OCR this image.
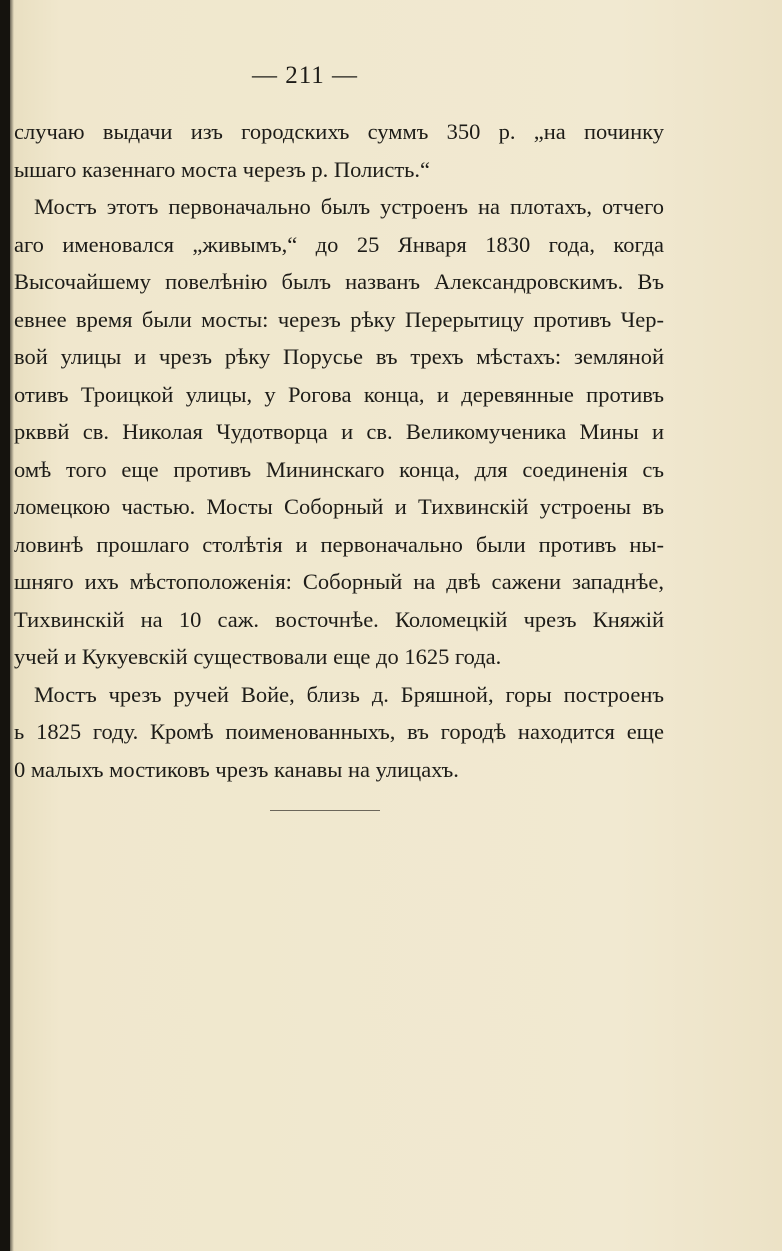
— 211 —
случаю выдачи изъ городскихъ суммъ 350 р. „на починку
ышаго казеннаго моста черезъ р. Полисть.“
Мостъ этотъ первоначально былъ устроенъ на плотахъ, отчего
аго именовался „живымъ,“ до 25 Января 1830 года, когда
Высочайшему повелѣнію былъ названъ Александровскимъ. Въ
евнее время были мосты: черезъ рѣку Перерытицу противъ Чер-
вой улицы и чрезъ рѣку Порусье въ трехъ мѣстахъ: земляной
отивъ Троицкой улицы, у Рогова конца, и деревянные противъ
ркввй св. Николая Чудотворца и св. Великомученика Мины и
омѣ того еще противъ Мининскаго конца, для соединенія съ
ломецкою частью. Мосты Соборный и Тихвинскій устроены въ
ловинѣ прошлаго столѣтія и первоначально были противъ ны-
шняго ихъ мѣстоположенія: Соборный на двѣ сажени западнѣе,
Тихвинскій на 10 саж. восточнѣе. Коломецкій чрезъ Княжій
учей и Кукуевскій существовали еще до 1625 года.
Мостъ чрезъ ручей Войе, близь д. Бряшной, горы построенъ
ь 1825 году. Кромѣ поименованныхъ, въ городѣ находится еще
0 малыхъ мостиковъ чрезъ канавы на улицахъ.
